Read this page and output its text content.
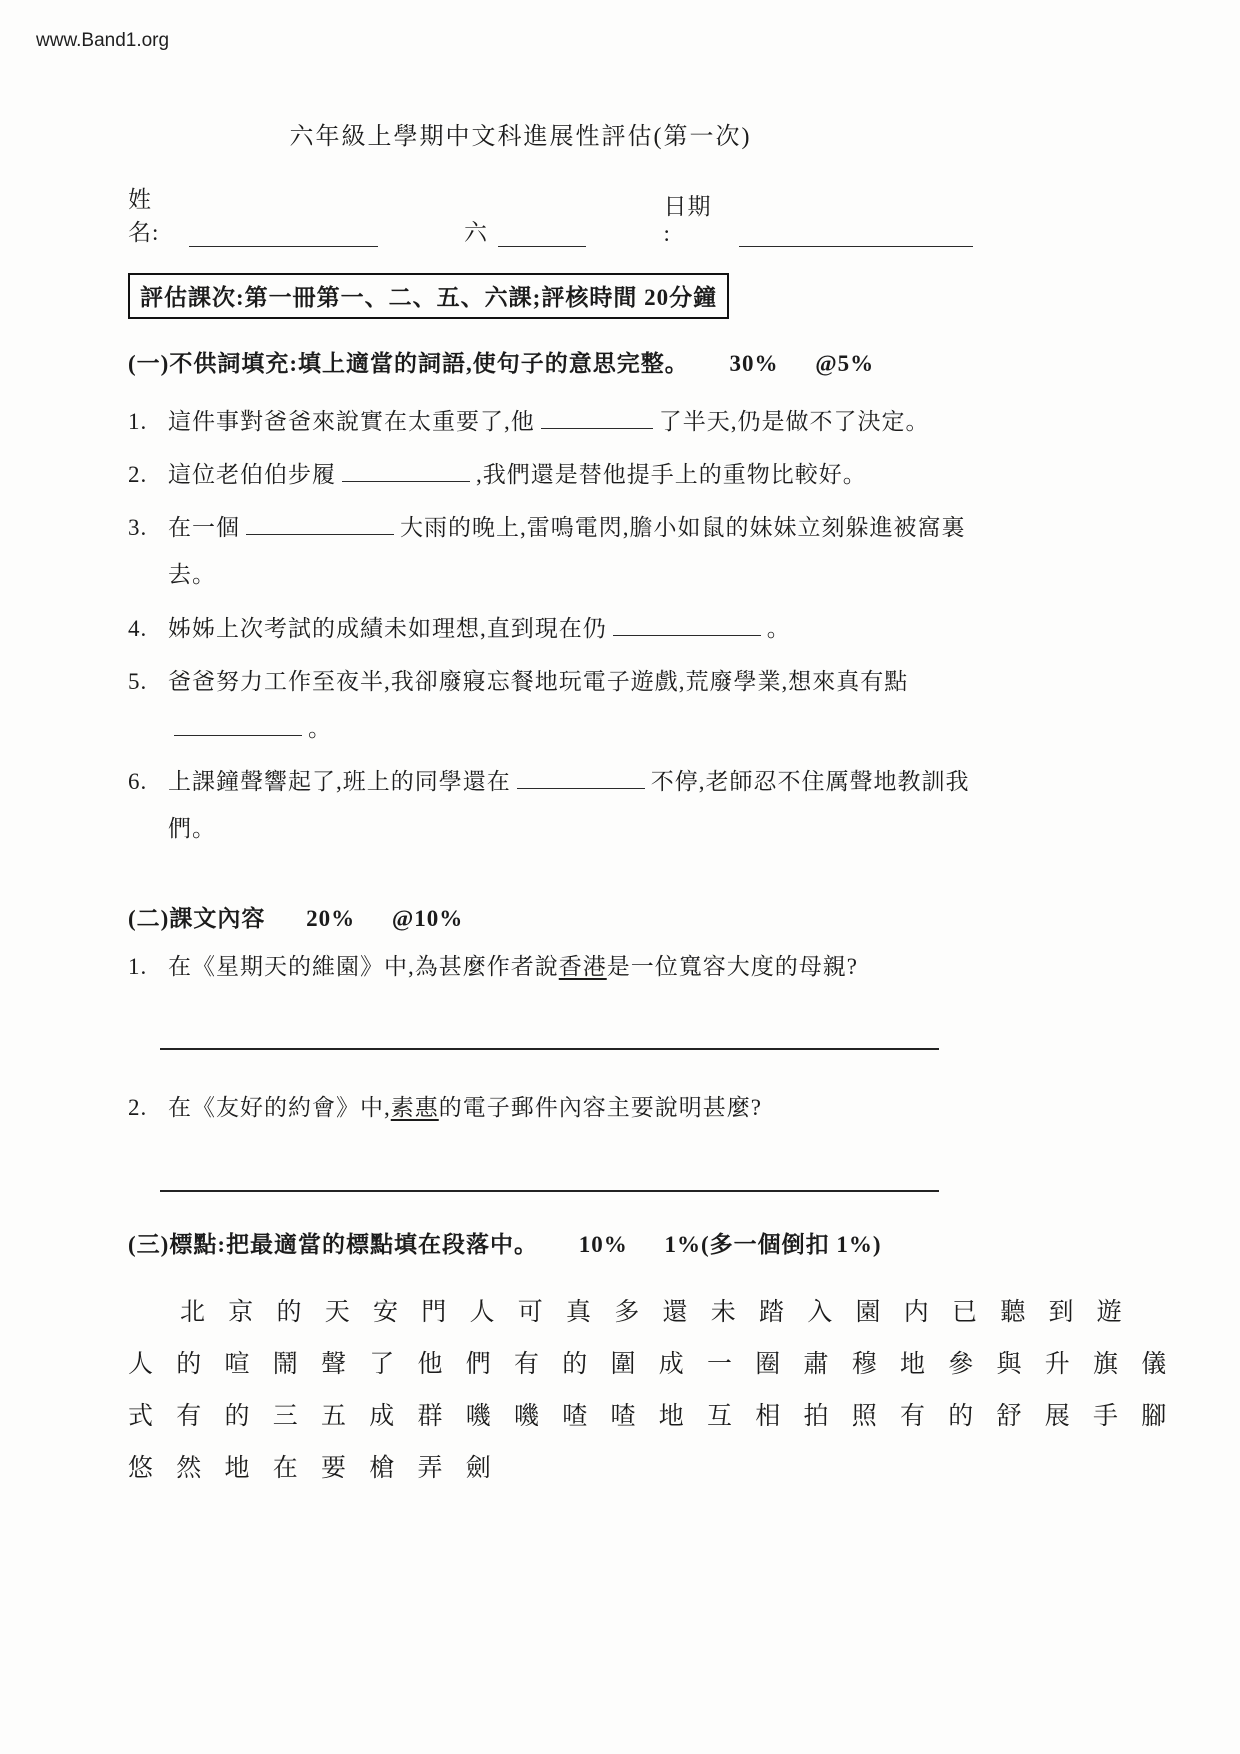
www.Band1.org
六年級上學期中文科進展性評估(第一次)
姓名:	六
日期 :
評估課次:第一冊第一、二、五、六課;評核時間 20分鐘
(一)不供詞填充:填上適當的詞語,使句子的意思完整。 30% @5%
1. 這件事對爸爸來說實在太重要了,他	了半天,仍是做不了決定。
2. 這位老伯伯步履	,我們還是替他提手上的重物比較好。
3. 在一個	大雨的晚上,雷鳴電閃,膽小如鼠的妹妹立刻躲進被窩裏去。
4. 姊姊上次考試的成績未如理想,直到現在仍	。
5. 爸爸努力工作至夜半,我卻廢寢忘餐地玩電子遊戲,荒廢學業,想來真有點
。
6. 上課鐘聲響起了,班上的同學還在	不停,老師忍不住厲聲地教訓我們。
(二)課文內容 20% @10%
1. 在《星期天的維園》中,為甚麼作者說香港是一位寬容大度的母親?
2. 在《友好的約會》中,素惠的電子郵件內容主要說明甚麼?
(三)標點:把最適當的標點填在段落中。 10% 1%(多一個倒扣 1%)

北 京 的 天 安 門 人 可 真 多 還 未 踏 入 園 内 已 聽 到 遊

人 的 喧 鬧 聲 了 他 們 有 的 圍 成 一 圈 肅 穆 地 參 與 升 旗 儀

式 有 的 三 五 成 群 嘰 嘰 喳 喳 地 互 相 拍 照 有 的 舒 展 手 腳

悠 然 地 在 要 槍 弄 劍
